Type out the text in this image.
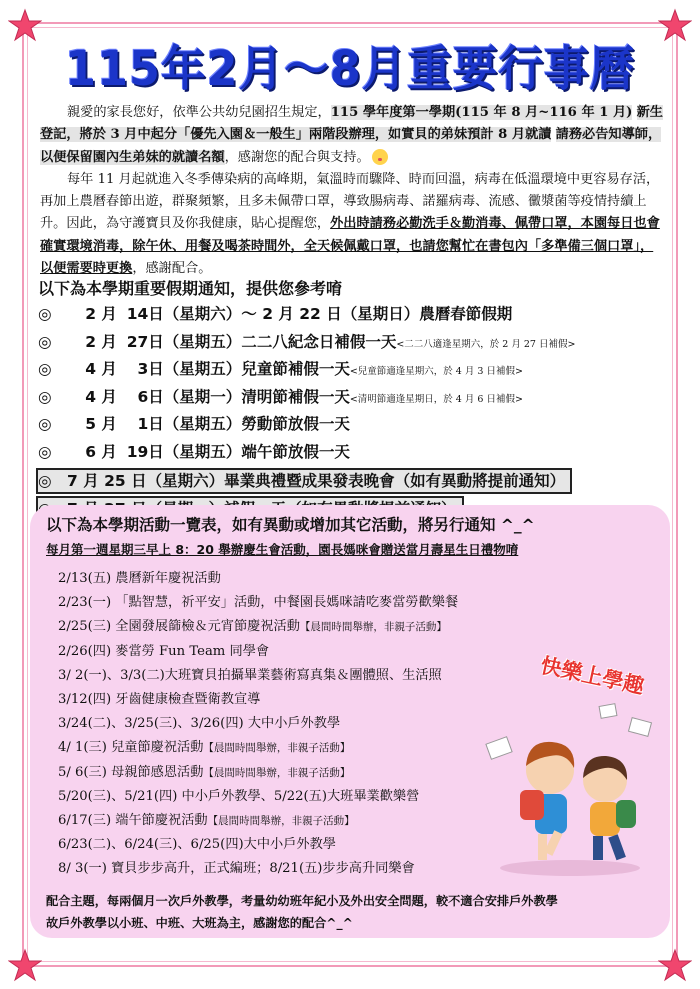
115年2月～8月重要行事曆

親愛的家長您好，依準公共幼兒園招生規定，115 學年度第一學期(115 年 8 月~116 年 1 月) 新生登記，將於 3 月中起分「優先入園＆一般生」兩階段辦理，如實貝的弟妹預計 8 月就讀 請務必告知導師，以便保留園內生弟妹的就讀名額，感謝您的配合與支持。

每年 11 月起就進入冬季傳染病的高峰期，氣溫時而驟降、時而回溫，病毒在低溫環境中更容易存活，再加上農曆春節出遊，群聚頻繁，且多未佩帶口罩，導致腸病毒、諾羅病毒、流感、黴漿菌等疫情持續上升。因此，為守護寶貝及你我健康，貼心提醒您，外出時請務必勤洗手＆勤消毒、佩帶口罩，本園每日也會確實環境消毒，除午休、用餐及喝茶時間外，全天候佩戴口罩，也請您幫忙在書包內「多準備三個口罩」，以便需要時更換，感謝配合。

以下為本學期重要假期通知，提供您參考唷
◎ 2 月 14日（星期六）～ 2 月 22 日（星期日）農曆春節假期
◎ 2 月 27日（星期五）二二八紀念日補假一天<二二八適逢星期六，於 2 月 27 日補假>
◎ 4 月 3日（星期五）兒童節補假一天<兒童節適逢星期六，於 4 月 3 日補假>
◎ 4 月 6日（星期一）清明節補假一天<清明節適逢星期日，於 4 月 6 日補假>
◎ 5 月 1日（星期五）勞動節放假一天
◎ 6 月 19日（星期五）端午節放假一天
◎　7 月 25 日（星期六）畢業典禮暨成果發表晚會（如有異動將提前通知）

以下為本學期活動一覽表，如有異動或增加其它活動，將另行通知 ^_^
每月第一週星期三早上 8：20 舉辦慶生會活動，園長媽咪會贈送當月壽星生日禮物唷
2/13(五) 農曆新年慶祝活動
2/23(一) 「點智慧，祈平安」活動，中餐園長媽咪請吃麥當勞歡樂餐
2/25(三) 全園發展篩檢＆元宵節慶祝活動【晨間時間舉辦，非親子活動】
2/26(四) 麥當勞 Fun Team 同學會
3/ 2(一)、3/3(二)大班寶貝拍攝畢業藝術寫真集＆團體照、生活照
3/12(四) 牙齒健康檢查暨衛教宣導
3/24(二)、3/25(三)、3/26(四) 大中小戶外教學
4/ 1(三) 兒童節慶祝活動【晨間時間舉辦，非親子活動】
5/ 6(三) 母親節感恩活動【晨間時間舉辦，非親子活動】
5/20(三)、5/21(四) 中小戶外教學、5/22(五)大班畢業歡樂營
6/17(三) 端午節慶祝活動【晨間時間舉辦，非親子活動】
6/23(二)、6/24(三)、6/25(四)大中小戶外教學
8/ 3(一) 寶貝步步高升，正式編班；8/21(五)步步高升同樂會
配合主題，每兩個月一次戶外教學，考量幼幼班年紀小及外出安全問題，較不適合安排戶外教學
故戶外教學以小班、中班、大班為主，感謝您的配合^_^
快樂上學趣
